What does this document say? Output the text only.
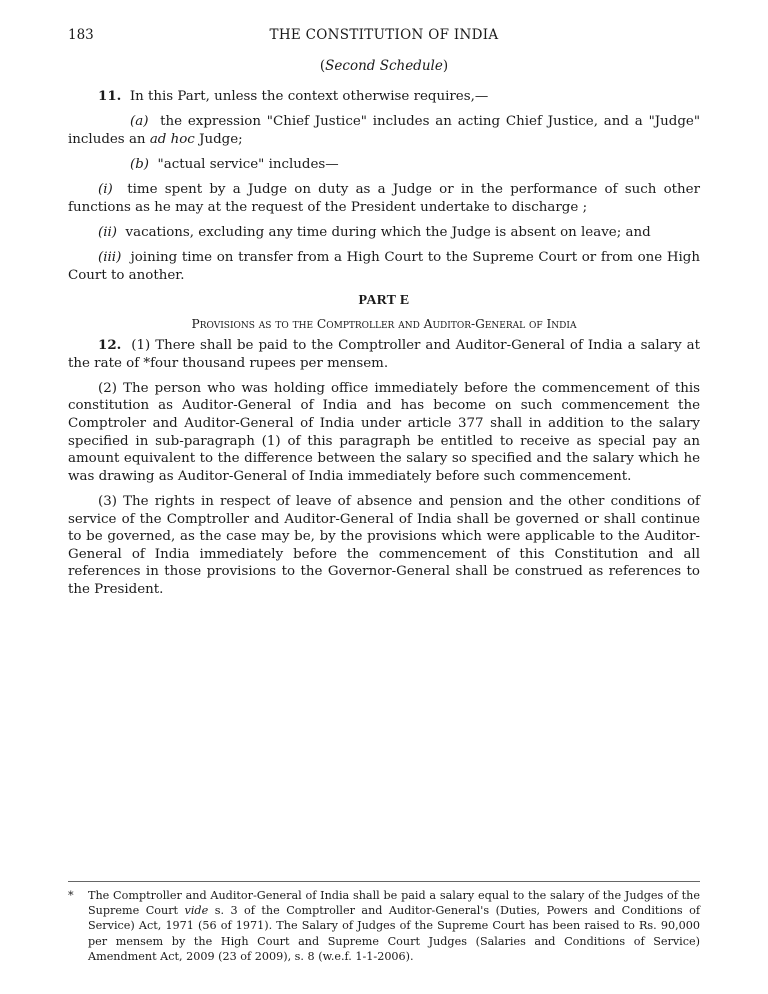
183	THE CONSTITUTION OF INDIA
(Second Schedule)

11. In this Part, unless the context otherwise requires,—

(a) the expression "Chief Justice" includes an acting Chief Justice, and a "Judge" includes an ad hoc Judge;

(b) "actual service" includes—

(i) time spent by a Judge on duty as a Judge or in the performance of such other functions as he may at the request of the President undertake to discharge ;

(ii) vacations, excluding any time during which the Judge is absent on leave; and

(iii) joining time on transfer from a High Court to the Supreme Court or from one High Court to another.

PART E

Provisions as to the Comptroller and Auditor-General of India

12. (1) There shall be paid to the Comptroller and Auditor-General of India a salary at the rate of *four thousand rupees per mensem.

(2) The person who was holding office immediately before the commencement of this constitution as Auditor-General of India and has become on such commencement the Comptroler and Auditor-General of India under article 377 shall in addition to the salary specified in sub-paragraph (1) of this paragraph be entitled to receive as special pay an amount equivalent to the difference between the salary so specified and the salary which he was drawing as Auditor-General of India immediately before such commencement.

(3) The rights in respect of leave of absence and pension and the other conditions of service of the Comptroller and Auditor-General of India shall be governed or shall continue to be governed, as the case may be, by the provisions which were applicable to the Auditor-General of India immediately before the commencement of this Constitution and all references in those provisions to the Governor-General shall be construed as references to the President.

* The Comptroller and Auditor-General of India shall be paid a salary equal to the salary of the Judges of the Supreme Court vide s. 3 of the Comptroller and Auditor-General's (Duties, Powers and Conditions of Service) Act, 1971 (56 of 1971). The Salary of Judges of the Supreme Court has been raised to Rs. 90,000 per mensem by the High Court and Supreme Court Judges (Salaries and Conditions of Service) Amendment Act, 2009 (23 of 2009), s. 8 (w.e.f. 1-1-2006).
